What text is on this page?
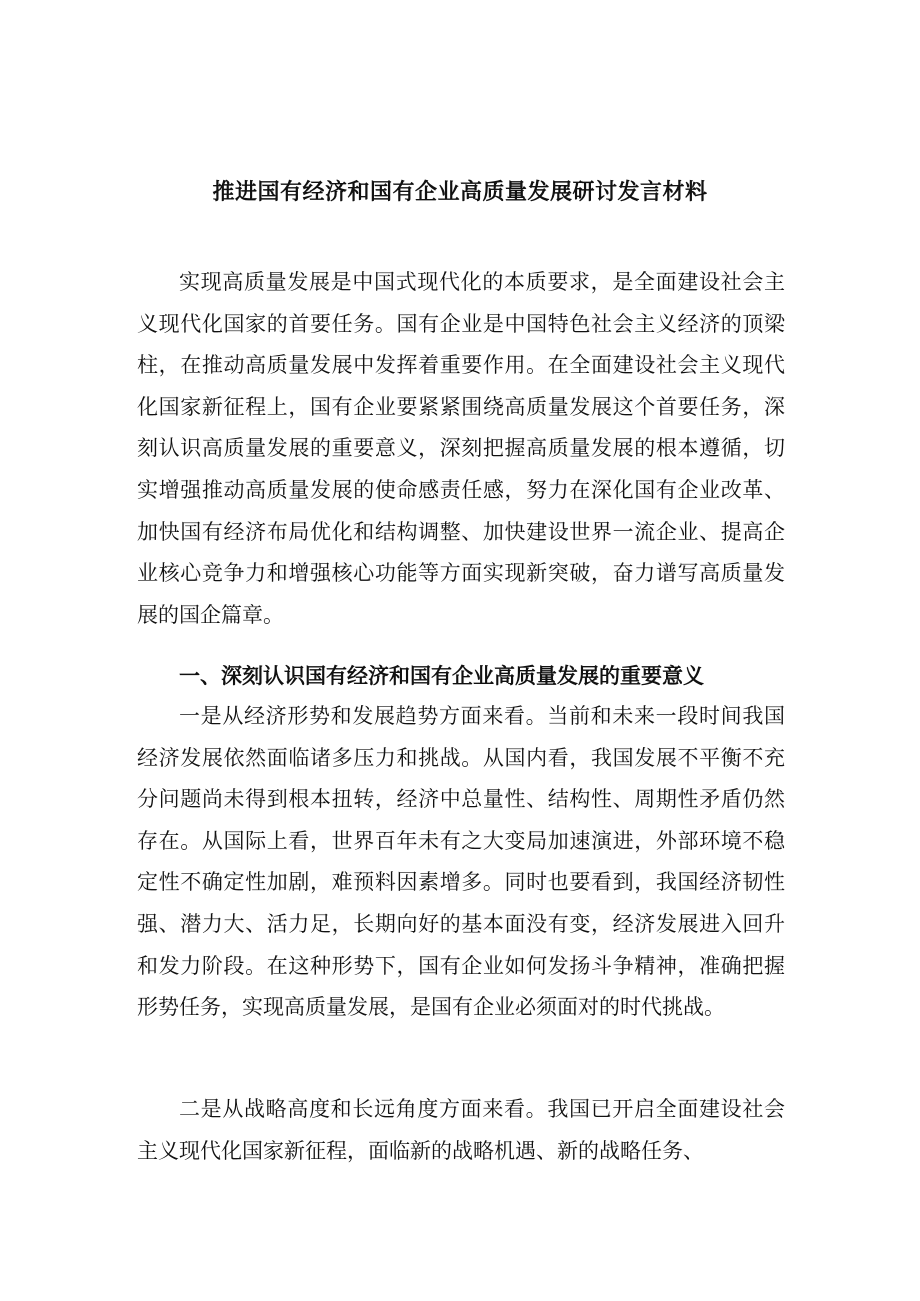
推进国有经济和国有企业高质量发展研讨发言材料

实现高质量发展是中国式现代化的本质要求，是全面建设社会主义现代化国家的首要任务。国有企业是中国特色社会主义经济的顶梁柱，在推动高质量发展中发挥着重要作用。在全面建设社会主义现代化国家新征程上，国有企业要紧紧围绕高质量发展这个首要任务，深刻认识高质量发展的重要意义，深刻把握高质量发展的根本遵循，切实增强推动高质量发展的使命感责任感，努力在深化国有企业改革、加快国有经济布局优化和结构调整、加快建设世界一流企业、提高企业核心竞争力和增强核心功能等方面实现新突破，奋力谱写高质量发展的国企篇章。

一、深刻认识国有经济和国有企业高质量发展的重要意义

一是从经济形势和发展趋势方面来看。当前和未来一段时间我国经济发展依然面临诸多压力和挑战。从国内看，我国发展不平衡不充分问题尚未得到根本扭转，经济中总量性、结构性、周期性矛盾仍然存在。从国际上看，世界百年未有之大变局加速演进，外部环境不稳定性不确定性加剧，难预料因素增多。同时也要看到，我国经济韧性强、潜力大、活力足，长期向好的基本面没有变，经济发展进入回升和发力阶段。在这种形势下，国有企业如何发扬斗争精神，准确把握形势任务，实现高质量发展，是国有企业必须面对的时代挑战。

二是从战略高度和长远角度方面来看。我国已开启全面建设社会主义现代化国家新征程，面临新的战略机遇、新的战略任务、
